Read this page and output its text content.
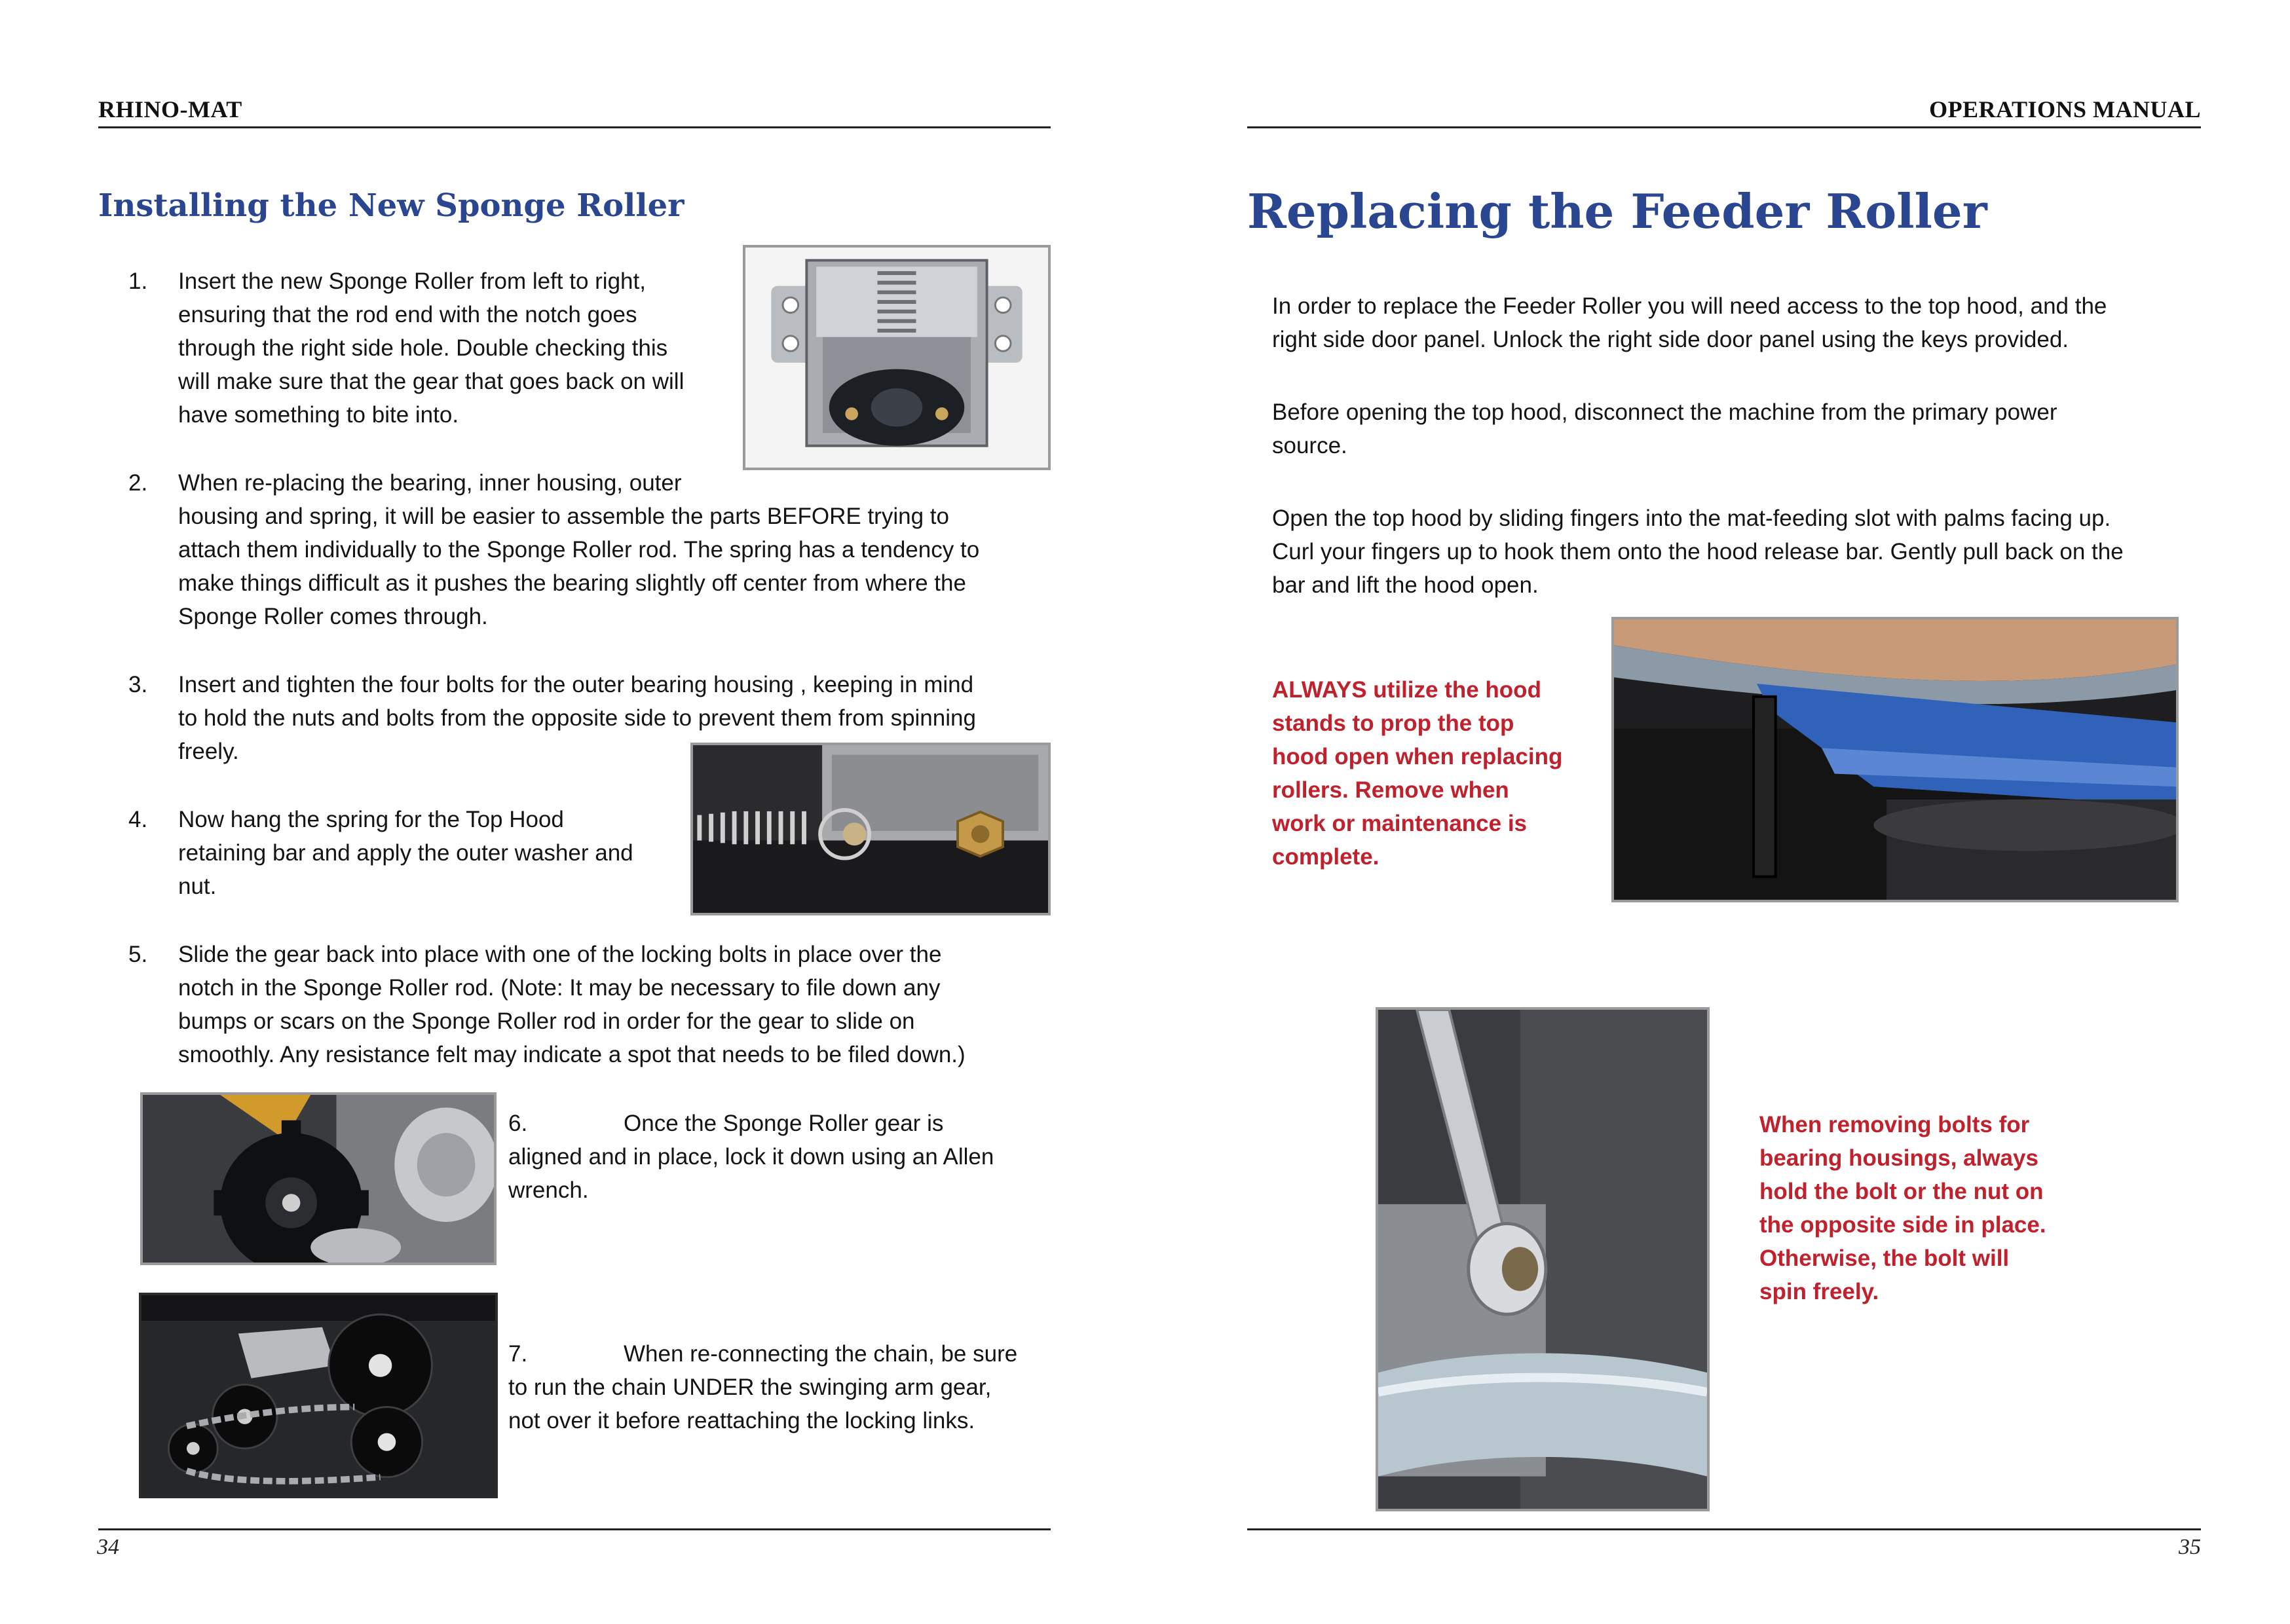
RHINO-MAT
Installing the New Sponge Roller
1. Insert the new Sponge Roller from left to right,
ensuring that the rod end with the notch goes
through the right side hole. Double checking this
will make sure that the gear that goes back on will
have something to bite into.
2. When re-placing the bearing, inner housing, outer
housing and spring, it will be easier to assemble the parts BEFORE trying to
attach them individually to the Sponge Roller rod. The spring has a tendency to
make things difficult as it pushes the bearing slightly off center from where the
Sponge Roller comes through.
3. Insert and tighten the four bolts for the outer bearing housing , keeping in mind
to hold the nuts and bolts from the opposite side to prevent them from spinning
freely.
4. Now hang the spring for the Top Hood
retaining bar and apply the outer washer and
nut.
5. Slide the gear back into place with one of the locking bolts in place over the
notch in the Sponge Roller rod. (Note: It may be necessary to file down any
bumps or scars on the Sponge Roller rod in order for the gear to slide on
smoothly. Any resistance felt may indicate a spot that needs to be filed down.)
6.	Once the Sponge Roller gear is
aligned and in place, lock it down using an Allen
wrench.
7.	When re-connecting the chain, be sure
to run the chain UNDER the swinging arm gear,
not over it before reattaching the locking links.
34
OPERATIONS MANUAL
Replacing the Feeder Roller
In order to replace the Feeder Roller you will need access to the top hood, and the
right side door panel. Unlock the right side door panel using the keys provided.
Before opening the top hood, disconnect the machine from the primary power
source.
Open the top hood by sliding fingers into the mat-feeding slot with palms facing up.
Curl your fingers up to hook them onto the hood release bar. Gently pull back on the
bar and lift the hood open.
ALWAYS utilize the hood
stands to prop the top
hood open when replacing
rollers. Remove when
work or maintenance is
complete.
When removing bolts for
bearing housings, always
hold the bolt or the nut on
the opposite side in place.
Otherwise, the bolt will
spin freely.
35
